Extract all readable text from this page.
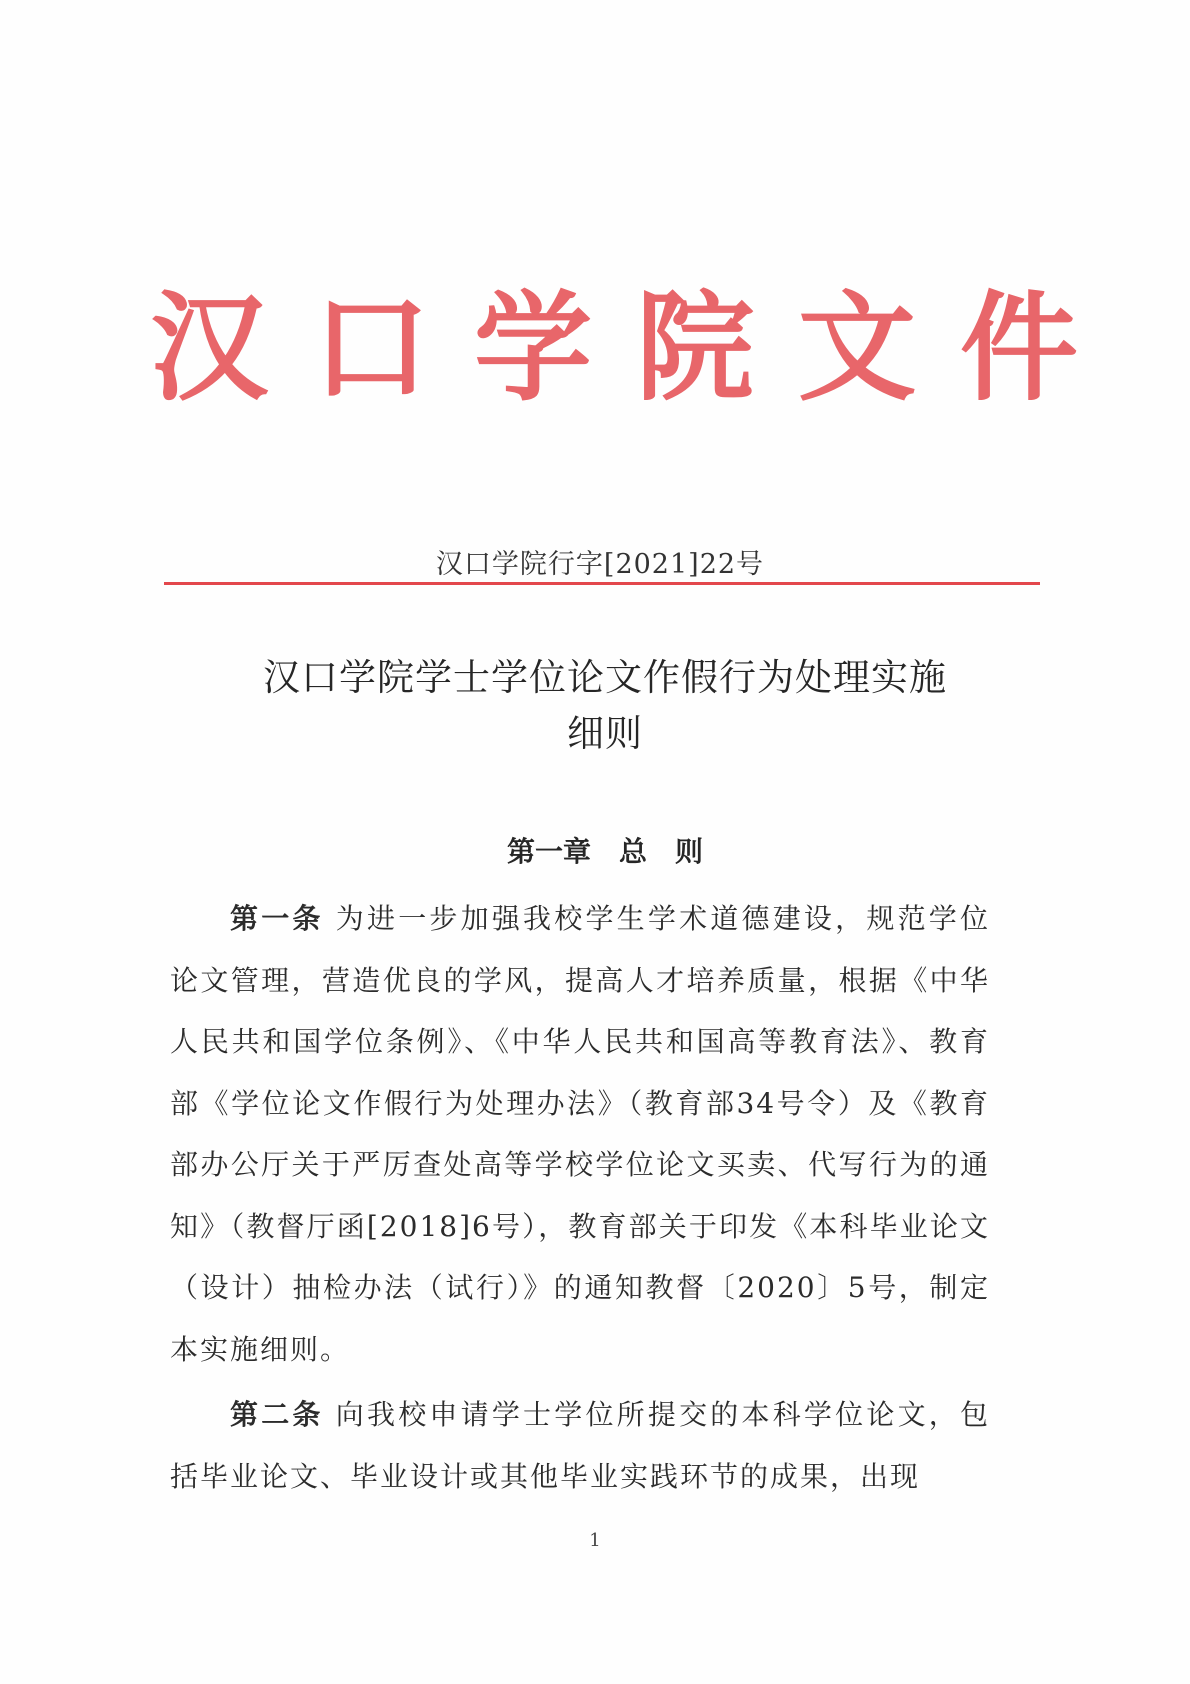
汉口学院文件
汉口学院行字[2021]22号
汉口学院学士学位论文作假行为处理实施
细则
第一章　总　则

第一条 为进一步加强我校学生学术道德建设，规范学位论文管理，营造优良的学风，提高人才培养质量，根据《中华人民共和国学位条例》、《中华人民共和国高等教育法》、教育部《学位论文作假行为处理办法》（教育部34号令）及《教育部办公厅关于严厉查处高等学校学位论文买卖、代写行为的通知》（教督厅函[2018]6号），教育部关于印发《本科毕业论文（设计）抽检办法（试行）》的通知教督〔2020〕5号，制定本实施细则。

第二条 向我校申请学士学位所提交的本科学位论文，包括毕业论文、毕业设计或其他毕业实践环节的成果，出现

1
